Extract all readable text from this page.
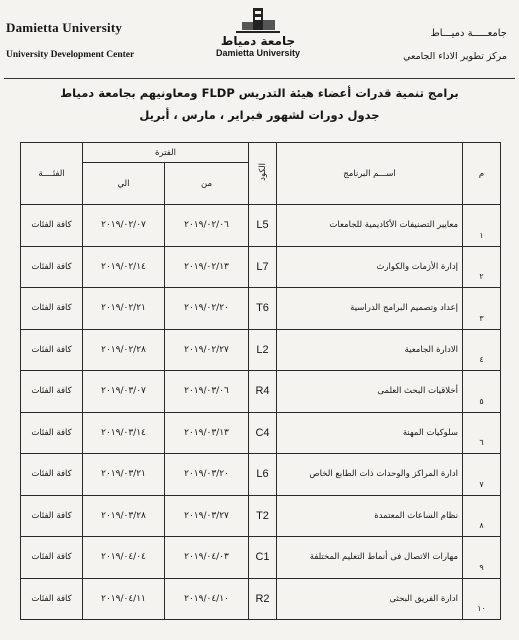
Damietta University
University Development Center
جامعة دمياط
Damietta University
جامعـــــة دميـــاط
مركز تطوير الاداء الجامعي
برامج تنمية قدرات أعضاء هيئة التدريس FLDP ومعاونيهم بجامعة دمياط
جدول دورات لشهور فبراير ، مارس ، أبريل
الفئــــة	الفترة		الكود	اســـم البرنامج	م
	الي	من			
كافة الفئات	٢٠١٩/٠٢/٠٧	٢٠١٩/٠٢/٠٦	L5	معايير التصنيفات الأكاديمية للجامعات	١
كافة الفئات	٢٠١٩/٠٢/١٤	٢٠١٩/٠٢/١٣	L7	إدارة الأزمات والكوارث	٢
كافة الفئات	٢٠١٩/٠٢/٢١	٢٠١٩/٠٢/٢٠	T6	إعداد وتصميم البرامج الدراسية	٣
كافة الفئات	٢٠١٩/٠٢/٢٨	٢٠١٩/٠٢/٢٧	L2	الادارة الجامعية	٤
كافة الفئات	٢٠١٩/٠٣/٠٧	٢٠١٩/٠٣/٠٦	R4	أخلاقيات البحث العلمى	٥
كافة الفئات	٢٠١٩/٠٣/١٤	٢٠١٩/٠٣/١٣	C4	سلوكيات المهنة	٦
كافة الفئات	٢٠١٩/٠٣/٢١	٢٠١٩/٠٣/٢٠	L6	ادارة المراكز والوحدات ذات الطابع الخاص	٧
كافة الفئات	٢٠١٩/٠٣/٢٨	٢٠١٩/٠٣/٢٧	T2	نظام الساعات المعتمدة	٨
كافة الفئات	٢٠١٩/٠٤/٠٤	٢٠١٩/٠٤/٠٣	C1	مهارات الاتصال فى أنماط التعليم المختلفة	٩
كافة الفئات	٢٠١٩/٠٤/١١	٢٠١٩/٠٤/١٠	R2	ادارة الفريق البحثى	١٠
